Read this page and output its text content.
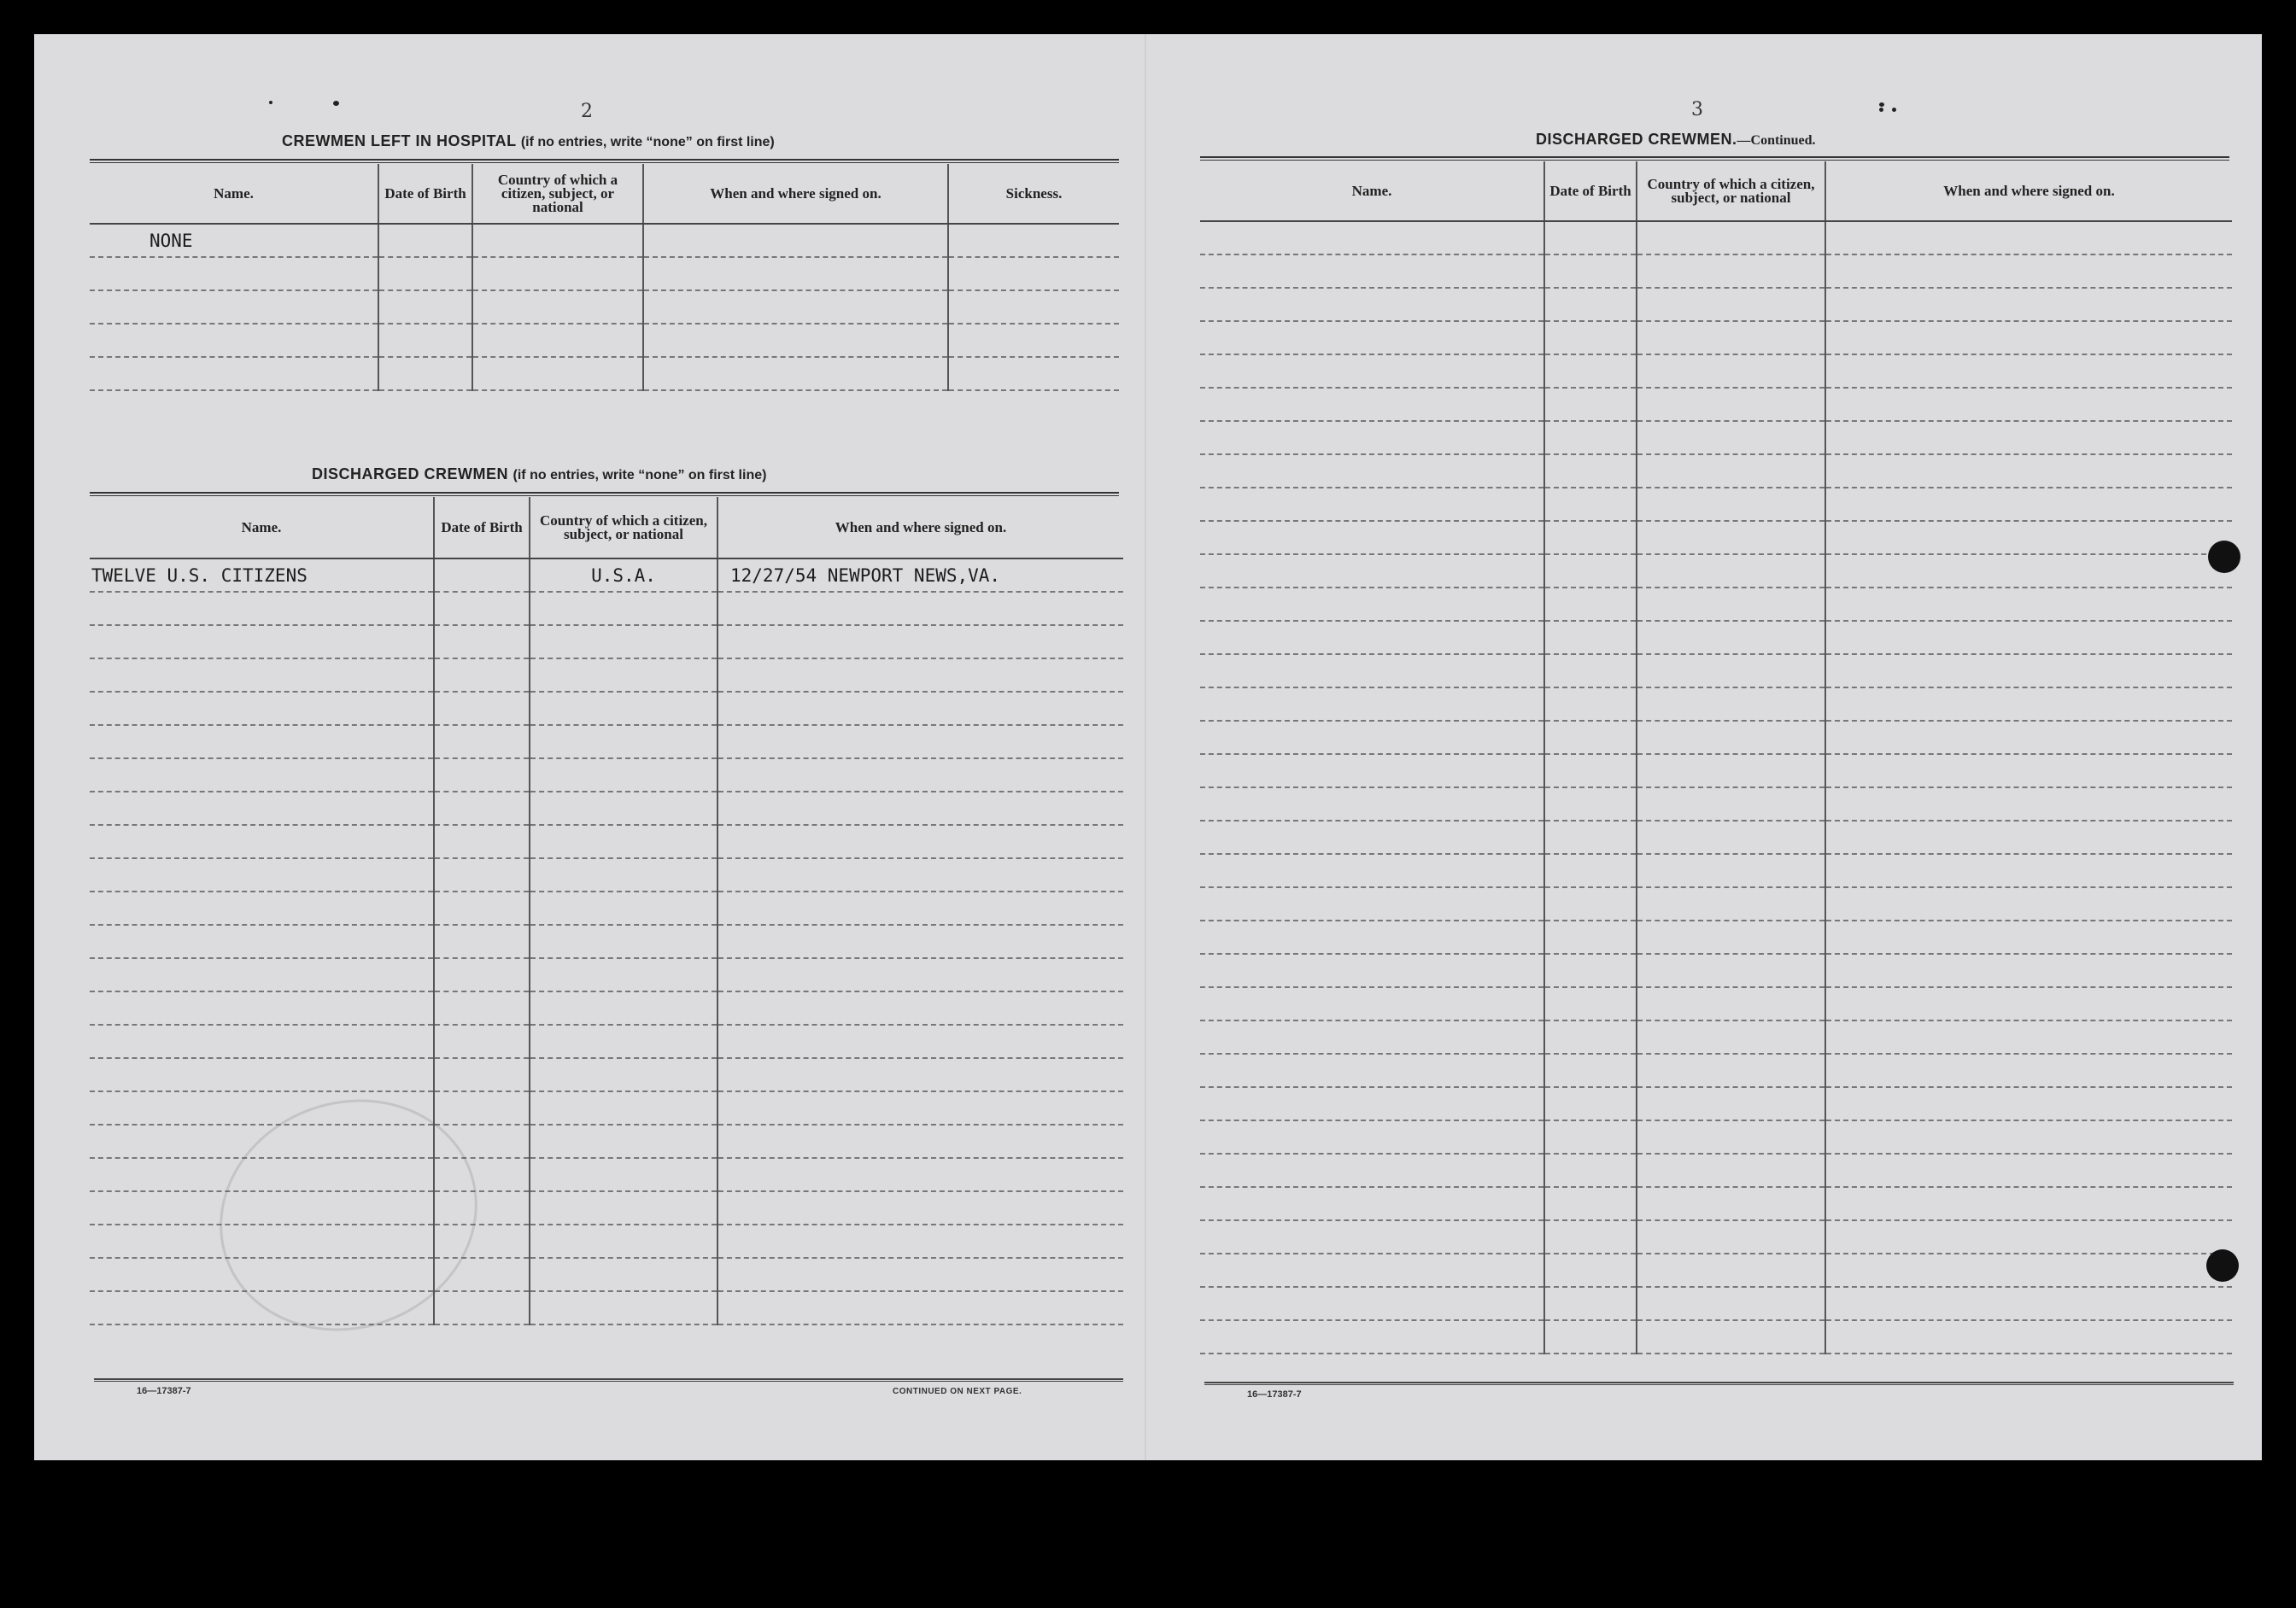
2
CREWMEN LEFT IN HOSPITAL (if no entries, write “none” on first line)
Name.	Date of Birth	Country of which a citizen, subject, or national	When and where signed on.	Sickness.
NONE				

DISCHARGED CREWMEN (if no entries, write “none” on first line)
Name.	Date of Birth	Country of which a citizen, subject, or national	When and where signed on.
TWELVE U.S. CITIZENS		U.S.A.	12/27/54 NEWPORT NEWS,VA.

16—17387-7	CONTINUED ON NEXT PAGE.
3
DISCHARGED CREWMEN.—Continued.
Name.	Date of Birth	Country of which a citizen, subject, or national	When and where signed on.

16—17387-7
